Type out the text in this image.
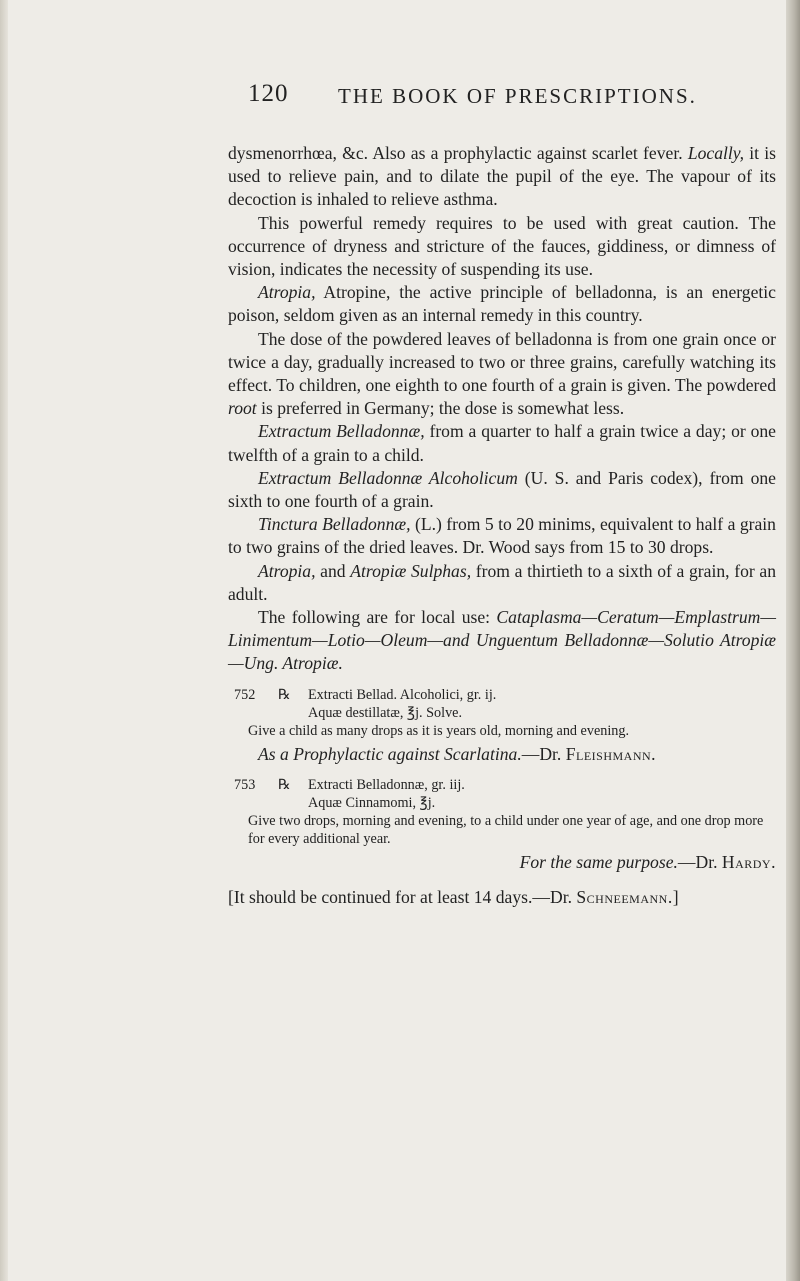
120 THE BOOK OF PRESCRIPTIONS.

dysmenorrhœa, &c. Also as a prophylactic against scarlet fever. Locally, it is used to relieve pain, and to dilate the pupil of the eye. The vapour of its decoction is inhaled to relieve asthma.

This powerful remedy requires to be used with great caution. The occurrence of dryness and stricture of the fauces, giddiness, or dimness of vision, indicates the necessity of suspending its use.

Atropia, Atropine, the active principle of belladonna, is an energetic poison, seldom given as an internal remedy in this country.

The dose of the powdered leaves of belladonna is from one grain once or twice a day, gradually increased to two or three grains, carefully watching its effect. To children, one eighth to one fourth of a grain is given. The powdered root is preferred in Germany; the dose is somewhat less.

Extractum Belladonnæ, from a quarter to half a grain twice a day; or one twelfth of a grain to a child.

Extractum Belladonnæ Alcoholicum (U. S. and Paris codex), from one sixth to one fourth of a grain.

Tinctura Belladonnæ, (L.) from 5 to 20 minims, equivalent to half a grain to two grains of the dried leaves. Dr. Wood says from 15 to 30 drops.

Atropia, and Atropiæ Sulphas, from a thirtieth to a sixth of a grain, for an adult.

The following are for local use: Cataplasma—Ceratum—Emplastrum—Linimentum—Lotio—Oleum—and Unguentum Belladonnæ—Solutio Atropiæ—Ung. Atropiæ.

752	℞	Extracti Bellad. Alcoholici, gr. ij.
Aquæ destillatæ, ℥j. Solve.
Give a child as many drops as it is years old, morning and evening.
As a Prophylactic against Scarlatina.—Dr. Fleishmann.
753	℞	Extracti Belladonnæ, gr. iij.
Aquæ Cinnamomi, ℥j.
Give two drops, morning and evening, to a child under one year of age, and one drop more for every additional year.
For the same purpose.—Dr. Hardy.

[It should be continued for at least 14 days.—Dr. Schneemann.]
